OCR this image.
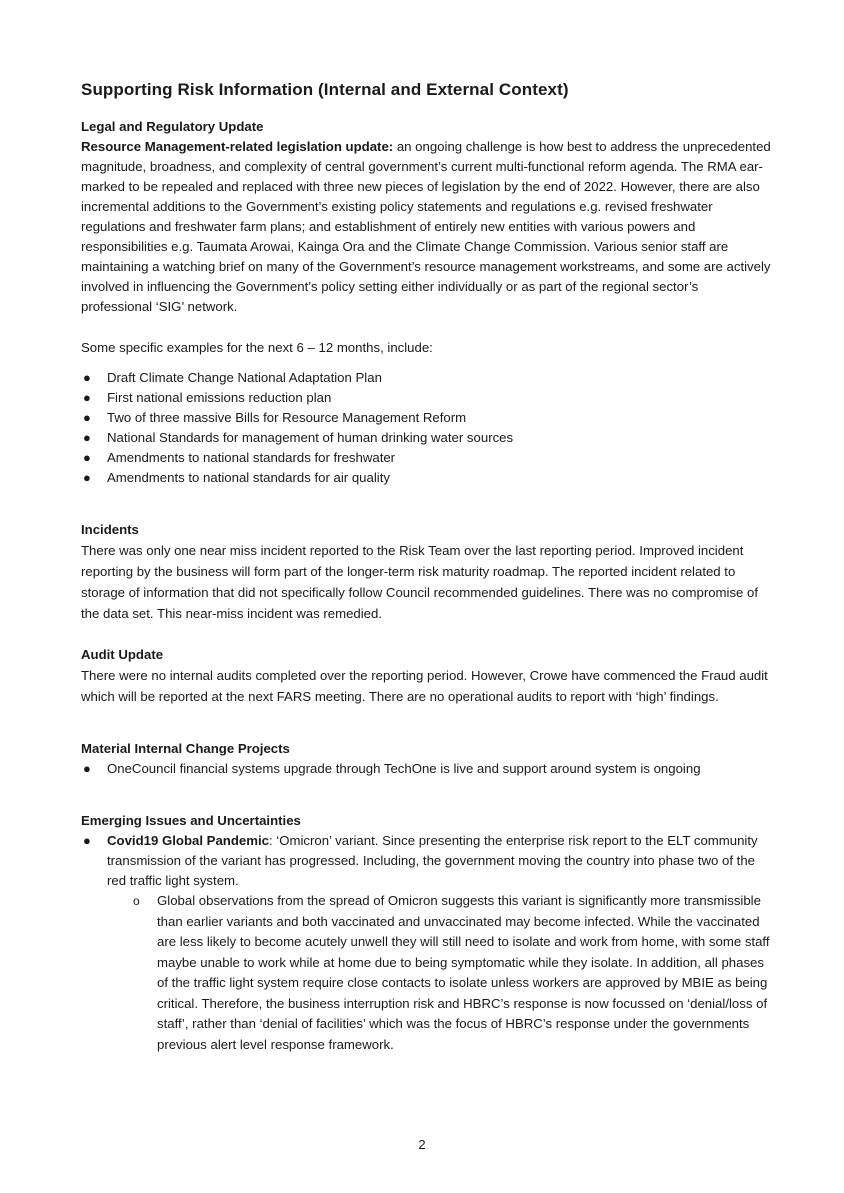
Supporting Risk Information (Internal and External Context)
Legal and Regulatory Update

Resource Management-related legislation update: an ongoing challenge is how best to address the unprecedented magnitude, broadness, and complexity of central government’s current multi-functional reform agenda. The RMA ear-marked to be repealed and replaced with three new pieces of legislation by the end of 2022. However, there are also incremental additions to the Government’s existing policy statements and regulations e.g. revised freshwater regulations and freshwater farm plans; and establishment of entirely new entities with various powers and responsibilities e.g. Taumata Arowai, Kainga Ora and the Climate Change Commission. Various senior staff are maintaining a watching brief on many of the Government’s resource management workstreams, and some are actively involved in influencing the Government’s policy setting either individually or as part of the regional sector’s professional ‘SIG’ network.

Some specific examples for the next 6 – 12 months, include:

● Draft Climate Change National Adaptation Plan
● First national emissions reduction plan
● Two of three massive Bills for Resource Management Reform
● National Standards for management of human drinking water sources
● Amendments to national standards for freshwater
● Amendments to national standards for air quality
Incidents

There was only one near miss incident reported to the Risk Team over the last reporting period. Improved incident reporting by the business will form part of the longer-term risk maturity roadmap. The reported incident related to storage of information that did not specifically follow Council recommended guidelines. There was no compromise of the data set. This near-miss incident was remedied.

Audit Update

There were no internal audits completed over the reporting period. However, Crowe have commenced the Fraud audit which will be reported at the next FARS meeting. There are no operational audits to report with ‘high’ findings.

Material Internal Change Projects
● OneCouncil financial systems upgrade through TechOne is live and support around system is ongoing
Emerging Issues and Uncertainties
● Covid19 Global Pandemic: ‘Omicron’ variant. Since presenting the enterprise risk report to the ELT community transmission of the variant has progressed. Including, the government moving the country into phase two of the red traffic light system.
o Global observations from the spread of Omicron suggests this variant is significantly more transmissible than earlier variants and both vaccinated and unvaccinated may become infected. While the vaccinated are less likely to become acutely unwell they will still need to isolate and work from home, with some staff maybe unable to work while at home due to being symptomatic while they isolate. In addition, all phases of the traffic light system require close contacts to isolate unless workers are approved by MBIE as being critical. Therefore, the business interruption risk and HBRC’s response is now focussed on ‘denial/loss of staff’, rather than ‘denial of facilities’ which was the focus of HBRC’s response under the governments previous alert level response framework.
2
